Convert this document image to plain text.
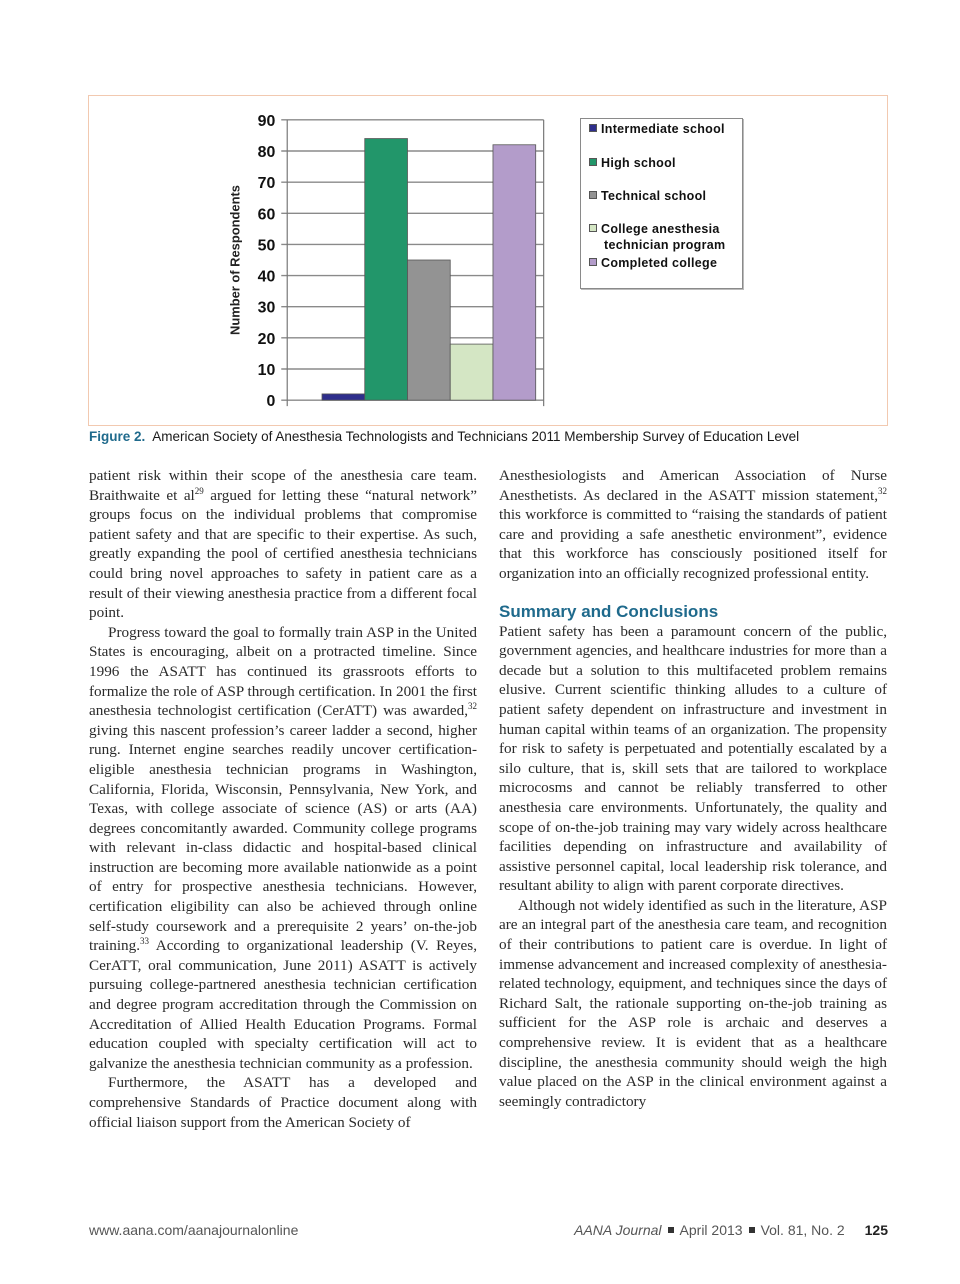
0
10
20
30
40
50
60
70
80
90
Number of Respondents
Intermediate school
High school
Technical school
College anesthesia
technician program
Completed college
Figure 2. American Society of Anesthesia Technologists and Technicians 2011 Membership Survey of Education Level

patient risk within their scope of the anesthesia care team. Braithwaite et $al^{29}$ argued for letting these “natural network” groups focus on the individual problems that compromise patient safety and that are specific to their expertise. As such, greatly expanding the pool of certified anesthesia technicians could bring novel approaches to safety in patient care as a result of their viewing anesthesia practice from a different focal point.

Progress toward the goal to formally train ASP in the United States is encouraging, albeit on a protracted timeline. Since 1996 the ASATT has continued its grassroots efforts to formalize the role of ASP through certification. In 2001 the first anesthesia technologist certification (CerATT) was awarded,$^{32}$ giving this nascent profession’s career ladder a second, higher rung. Internet engine searches readily uncover certification-eligible anesthesia technician programs in Washington, California, Florida, Wisconsin, Pennsylvania, New York, and Texas, with college associate of science (AS) or arts (AA) degrees concomitantly awarded. Community college programs with relevant in-class didactic and hospital-based clinical instruction are becoming more available nationwide as a point of entry for prospective anesthesia technicians. However, certification eligibility can also be achieved through online self-study coursework and a prerequisite 2 years’ on-the-job training.$^{33}$ According to organizational leadership (V. Reyes, CerATT, oral communication, June 2011) ASATT is actively pursuing college-partnered anesthesia technician certification and degree program accreditation through the Commission on Accreditation of Allied Health Education Programs. Formal education coupled with specialty certification will act to galvanize the anesthesia technician community as a profession.

Furthermore, the ASATT has a developed and comprehensive Standards of Practice document along with official liaison support from the American Society of

Anesthesiologists and American Association of Nurse Anesthetists. As declared in the ASATT mission statement,$^{32}$ this workforce is committed to “raising the standards of patient care and providing a safe anesthetic environment”, evidence that this workforce has consciously positioned itself for organization into an officially recognized professional entity.

Summary and Conclusions

Patient safety has been a paramount concern of the public, government agencies, and healthcare industries for more than a decade but a solution to this multifaceted problem remains elusive. Current scientific thinking alludes to a culture of patient safety dependent on infrastructure and investment in human capital within teams of an organization. The propensity for risk to safety is perpetuated and potentially escalated by a silo culture, that is, skill sets that are tailored to workplace microcosms and cannot be reliably transferred to other anesthesia care environments. Unfortunately, the quality and scope of on-the-job training may vary widely across healthcare facilities depending on infrastructure and availability of assistive personnel capital, local leadership risk tolerance, and resultant ability to align with parent corporate directives.

Although not widely identified as such in the literature, ASP are an integral part of the anesthesia care team, and recognition of their contributions to patient care is overdue. In light of immense advancement and increased complexity of anesthesia-related technology, equipment, and techniques since the days of Richard Salt, the rationale supporting on-the-job training as sufficient for the ASP role is archaic and deserves a comprehensive review. It is evident that as a healthcare discipline, the anesthesia community should weigh the high value placed on the ASP in the clinical environment against a seemingly contradictory

www.aana.com/aanajournalonline	AANA Journal April 2013 Vol. 81, No. 2 125
